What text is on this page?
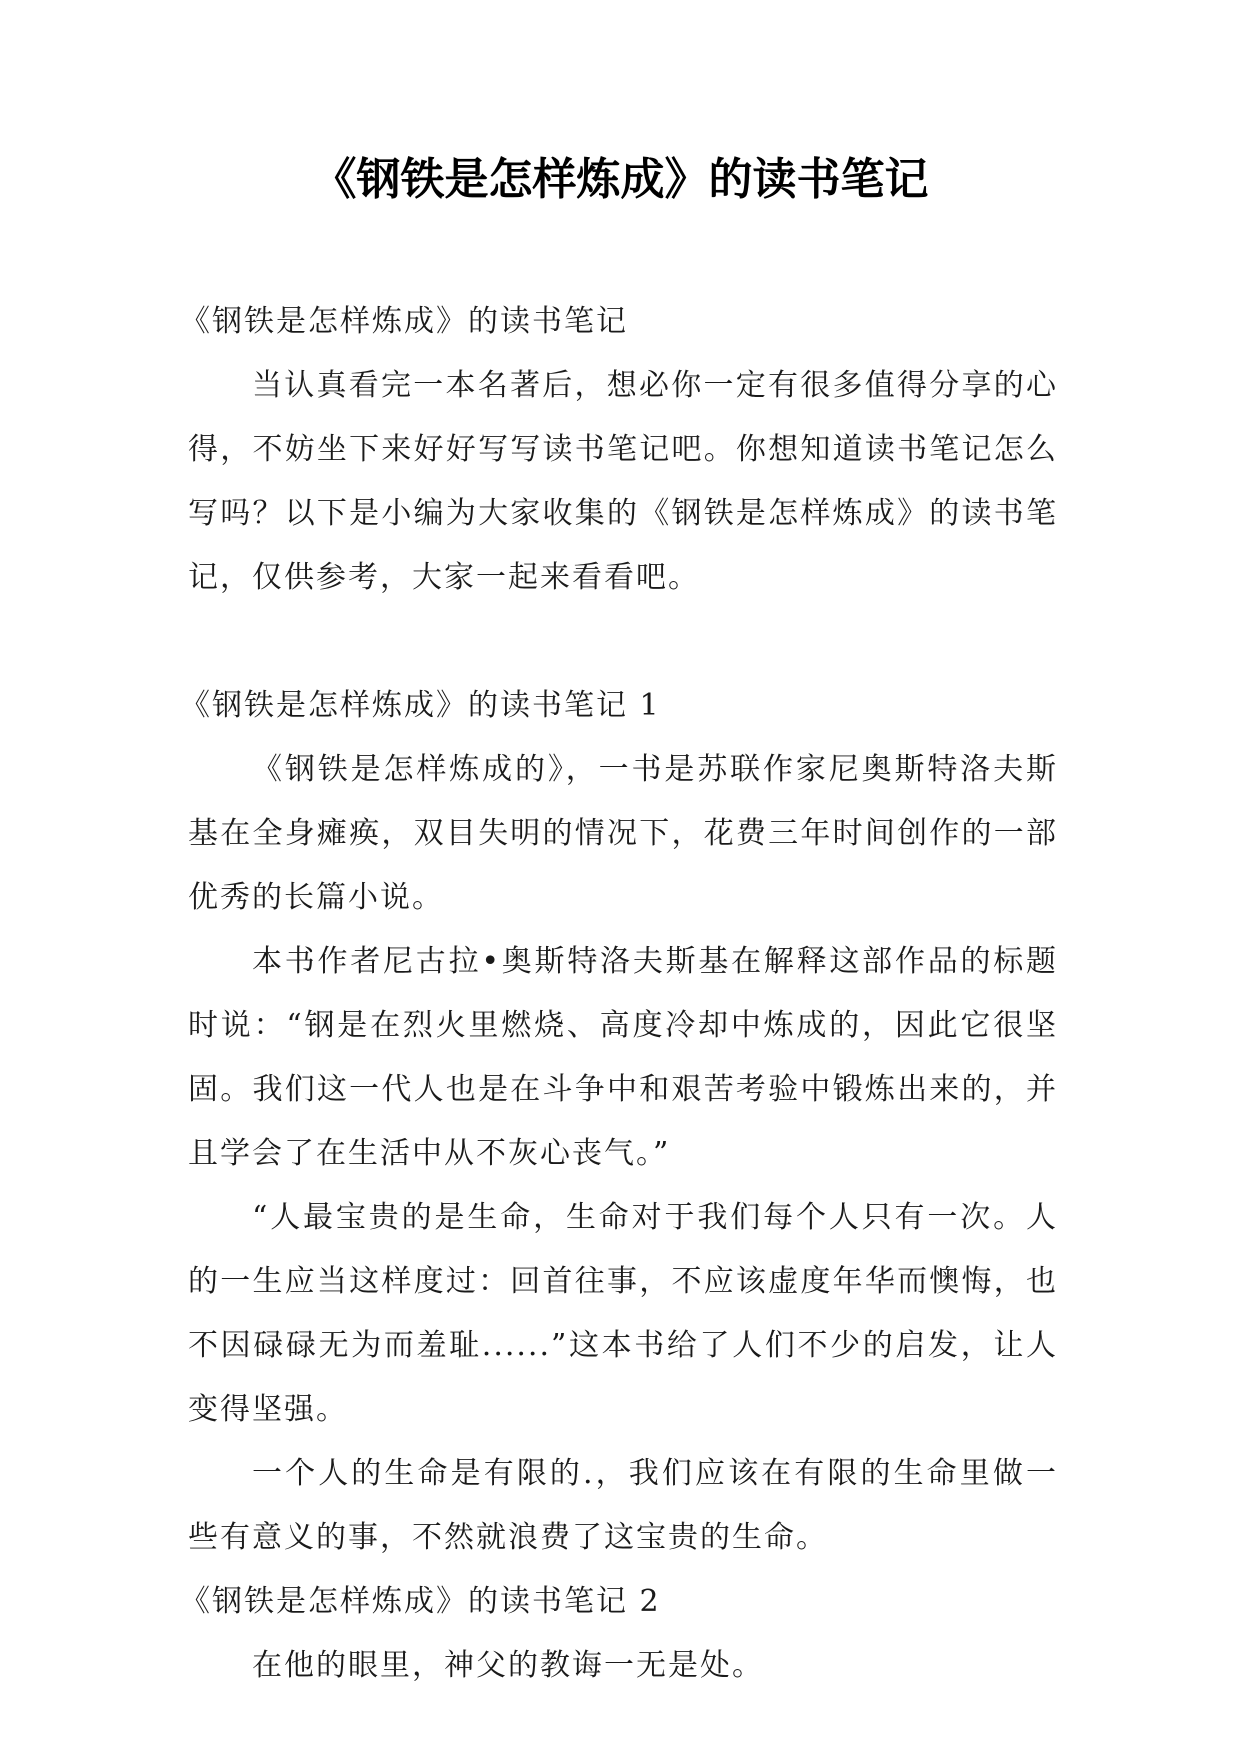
《钢铁是怎样炼成》的读书笔记

《钢铁是怎样炼成》的读书笔记

当认真看完一本名著后，想必你一定有很多值得分享的心得，不妨坐下来好好写写读书笔记吧。你想知道读书笔记怎么写吗？以下是小编为大家收集的《钢铁是怎样炼成》的读书笔记，仅供参考，大家一起来看看吧。

《钢铁是怎样炼成》的读书笔记 1

《钢铁是怎样炼成的》，一书是苏联作家尼奥斯特洛夫斯基在全身瘫痪，双目失明的情况下，花费三年时间创作的一部优秀的长篇小说。

本书作者尼古拉•奥斯特洛夫斯基在解释这部作品的标题时说：“钢是在烈火里燃烧、高度冷却中炼成的，因此它很坚固。我们这一代人也是在斗争中和艰苦考验中锻炼出来的，并且学会了在生活中从不灰心丧气。”

“人最宝贵的是生命，生命对于我们每个人只有一次。人的一生应当这样度过：回首往事，不应该虚度年华而懊悔，也不因碌碌无为而羞耻......”这本书给了人们不少的启发，让人变得坚强。

一个人的生命是有限的.，我们应该在有限的生命里做一些有意义的事，不然就浪费了这宝贵的生命。

《钢铁是怎样炼成》的读书笔记 2

在他的眼里，神父的教诲一无是处。
